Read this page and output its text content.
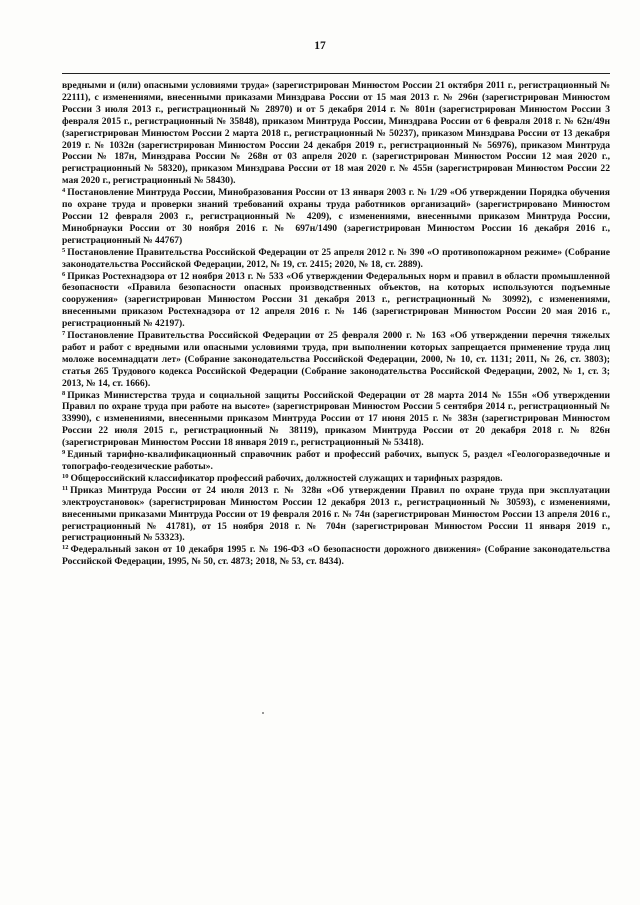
17

вредными и (или) опасными условиями труда» (зарегистрирован Минюстом России 21 октября 2011 г., регистрационный № 22111), с изменениями, внесенными приказами Минздрава России от 15 мая 2013 г. № 296н (зарегистрирован Минюстом России 3 июля 2013 г., регистрационный № 28970) и от 5 декабря 2014 г. № 801н (зарегистрирован Минюстом России 3 февраля 2015 г., регистрационный № 35848), приказом Минтруда России, Минздрава России от 6 февраля 2018 г. № 62н/49н (зарегистрирован Минюстом России 2 марта 2018 г., регистрационный № 50237), приказом Минздрава России от 13 декабря 2019 г. № 1032н (зарегистрирован Минюстом России 24 декабря 2019 г., регистрационный № 56976), приказом Минтруда России № 187н, Минздрава России № 268н от 03 апреля 2020 г. (зарегистрирован Минюстом России 12 мая 2020 г., регистрационный № 58320), приказом Минздрава России от 18 мая 2020 г. № 455н (зарегистрирован Минюстом России 22 мая 2020 г., регистрационный № 58430).

$^4$ Постановление Минтруда России, Минобразования России от 13 января 2003 г. № 1/29 «Об утверждении Порядка обучения по охране труда и проверки знаний требований охраны труда работников организаций» (зарегистрировано Минюстом России 12 февраля 2003 г., регистрационный № 4209), с изменениями, внесенными приказом Минтруда России, Минобрнауки России от 30 ноября 2016 г. № 697н/1490 (зарегистрирован Минюстом России 16 декабря 2016 г., регистрационный № 44767)

$^5$ Постановление Правительства Российской Федерации от 25 апреля 2012 г. № 390 «О противопожарном режиме» (Собрание законодательства Российской Федерации, 2012, № 19, ст. 2415; 2020, № 18, ст. 2889).

$^6$ Приказ Ростехнадзора от 12 ноября 2013 г. № 533 «Об утверждении Федеральных норм и правил в области промышленной безопасности «Правила безопасности опасных производственных объектов, на которых используются подъемные сооружения» (зарегистрирован Минюстом России 31 декабря 2013 г., регистрационный № 30992), с изменениями, внесенными приказом Ростехнадзора от 12 апреля 2016 г. № 146 (зарегистрирован Минюстом России 20 мая 2016 г., регистрационный № 42197).

$^7$ Постановление Правительства Российской Федерации от 25 февраля 2000 г. № 163 «Об утверждении перечня тяжелых работ и работ с вредными или опасными условиями труда, при выполнении которых запрещается применение труда лиц моложе восемнадцати лет» (Собрание законодательства Российской Федерации, 2000, № 10, ст. 1131; 2011, № 26, ст. 3803); статья 265 Трудового кодекса Российской Федерации (Собрание законодательства Российской Федерации, 2002, № 1, ст. 3; 2013, № 14, ст. 1666).

$^8$ Приказ Министерства труда и социальной защиты Российской Федерации от 28 марта 2014 № 155н «Об утверждении Правил по охране труда при работе на высоте» (зарегистрирован Минюстом России 5 сентября 2014 г., регистрационный № 33990), с изменениями, внесенными приказом Минтруда России от 17 июня 2015 г. № 383н (зарегистрирован Минюстом России 22 июля 2015 г., регистрационный № 38119), приказом Минтруда России от 20 декабря 2018 г. № 826н (зарегистрирован Минюстом России 18 января 2019 г., регистрационный № 53418).

$^9$ Единый тарифно-квалификационный справочник работ и профессий рабочих, выпуск 5, раздел «Геологоразведочные и топографо-геодезические работы».

$^{10}$ Общероссийский классификатор профессий рабочих, должностей служащих и тарифных разрядов.

$^{11}$ Приказ Минтруда России от 24 июля 2013 г. № 328н «Об утверждении Правил по охране труда при эксплуатации электроустановок» (зарегистрирован Минюстом России 12 декабря 2013 г., регистрационный № 30593), с изменениями, внесенными приказами Минтруда России от 19 февраля 2016 г. № 74н (зарегистрирован Минюстом России 13 апреля 2016 г., регистрационный № 41781), от 15 ноября 2018 г. № 704н (зарегистрирован Минюстом России 11 января 2019 г., регистрационный № 53323).

$^{12}$ Федеральный закон от 10 декабря 1995 г. № 196-ФЗ «О безопасности дорожного движения» (Собрание законодательства Российской Федерации, 1995, № 50, ст. 4873; 2018, № 53, ст. 8434).
